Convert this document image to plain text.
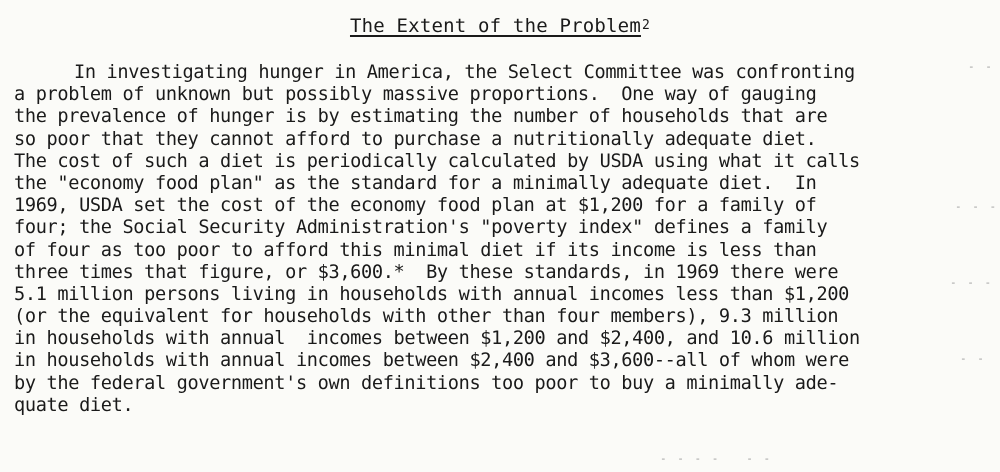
The Extent of the Problem$^2$
In investigating hunger in America, the Select Committee was confronting
a problem of unknown but possibly massive proportions.  One way of gauging
the prevalence of hunger is by estimating the number of households that are
so poor that they cannot afford to purchase a nutritionally adequate diet.
The cost of such a diet is periodically calculated by USDA using what it calls
the "economy food plan" as the standard for a minimally adequate diet.  In
1969, USDA set the cost of the economy food plan at $1,200 for a family of
four; the Social Security Administration's "poverty index" defines a family
of four as too poor to afford this minimal diet if its income is less than
three times that figure, or $3,600.*  By these standards, in 1969 there were
5.1 million persons living in households with annual incomes less than $1,200
(or the equivalent for households with other than four members), 9.3 million
in households with annual  incomes between $1,200 and $2,400, and 10.6 million
in households with annual incomes between $2,400 and $3,600--all of whom were
by the federal government's own definitions too poor to buy a minimally ade-
quate diet.
- -
- - -
- - -
- -
- - - -   - -
